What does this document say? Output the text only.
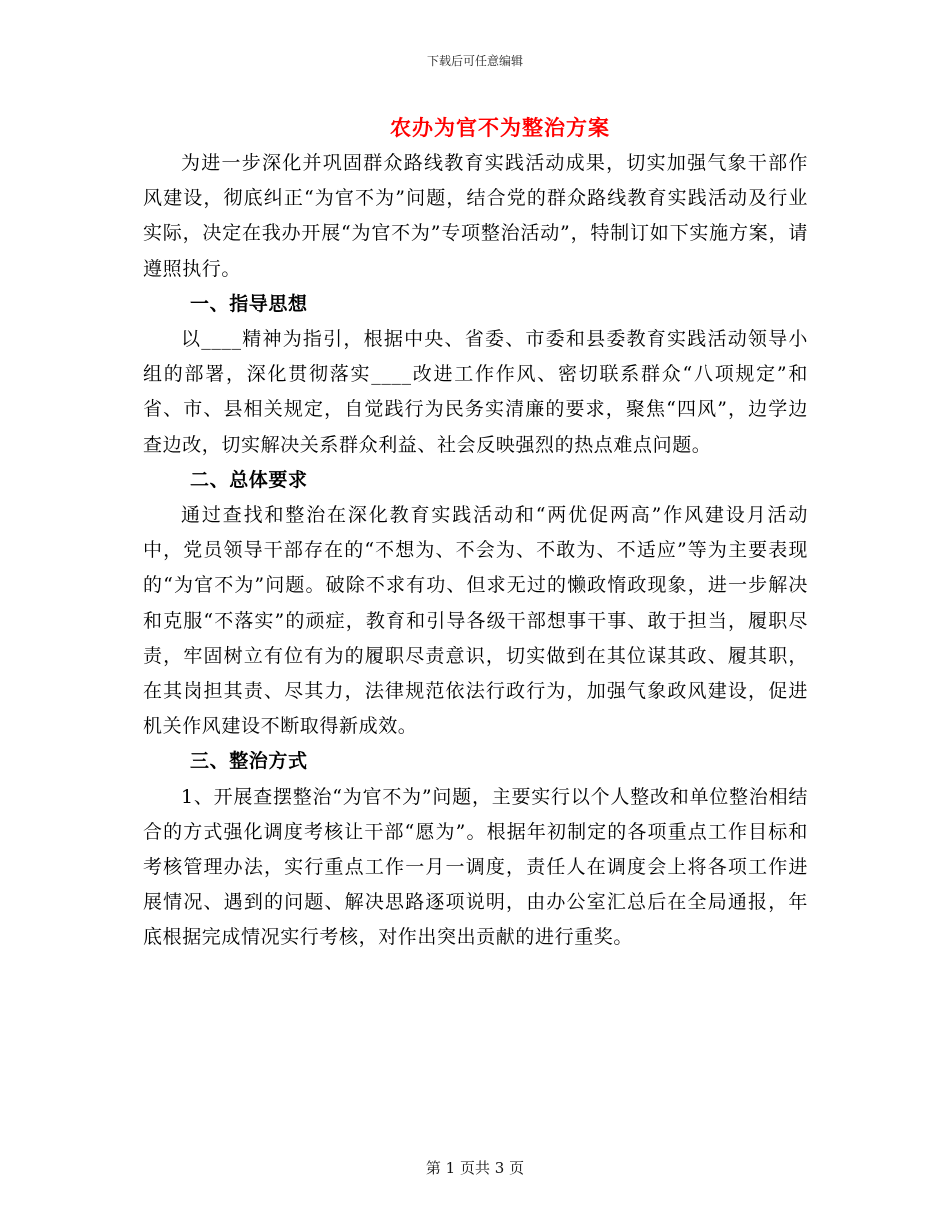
下载后可任意编辑
农办为官不为整治方案

为进一步深化并巩固群众路线教育实践活动成果，切实加强气象干部作风建设，彻底纠正“为官不为”问题，结合党的群众路线教育实践活动及行业实际，决定在我办开展“为官不为”专项整治活动”，特制订如下实施方案，请遵照执行。

一、指导思想

以____精神为指引，根据中央、省委、市委和县委教育实践活动领导小组的部署，深化贯彻落实____改进工作作风、密切联系群众“八项规定”和省、市、县相关规定，自觉践行为民务实清廉的要求，聚焦“四风”，边学边查边改，切实解决关系群众利益、社会反映强烈的热点难点问题。

二、总体要求

通过查找和整治在深化教育实践活动和“两优促两高”作风建设月活动中，党员领导干部存在的“不想为、不会为、不敢为、不适应”等为主要表现的“为官不为”问题。破除不求有功、但求无过的懒政惰政现象，进一步解决和克服“不落实”的顽症，教育和引导各级干部想事干事、敢于担当，履职尽责，牢固树立有位有为的履职尽责意识，切实做到在其位谋其政、履其职，在其岗担其责、尽其力，法律规范依法行政行为，加强气象政风建设，促进机关作风建设不断取得新成效。

三、整治方式

1、开展查摆整治“为官不为”问题，主要实行以个人整改和单位整治相结合的方式强化调度考核让干部“愿为”。根据年初制定的各项重点工作目标和考核管理办法，实行重点工作一月一调度，责任人在调度会上将各项工作进展情况、遇到的问题、解决思路逐项说明，由办公室汇总后在全局通报，年底根据完成情况实行考核，对作出突出贡献的进行重奖。

第 1 页共 3 页
